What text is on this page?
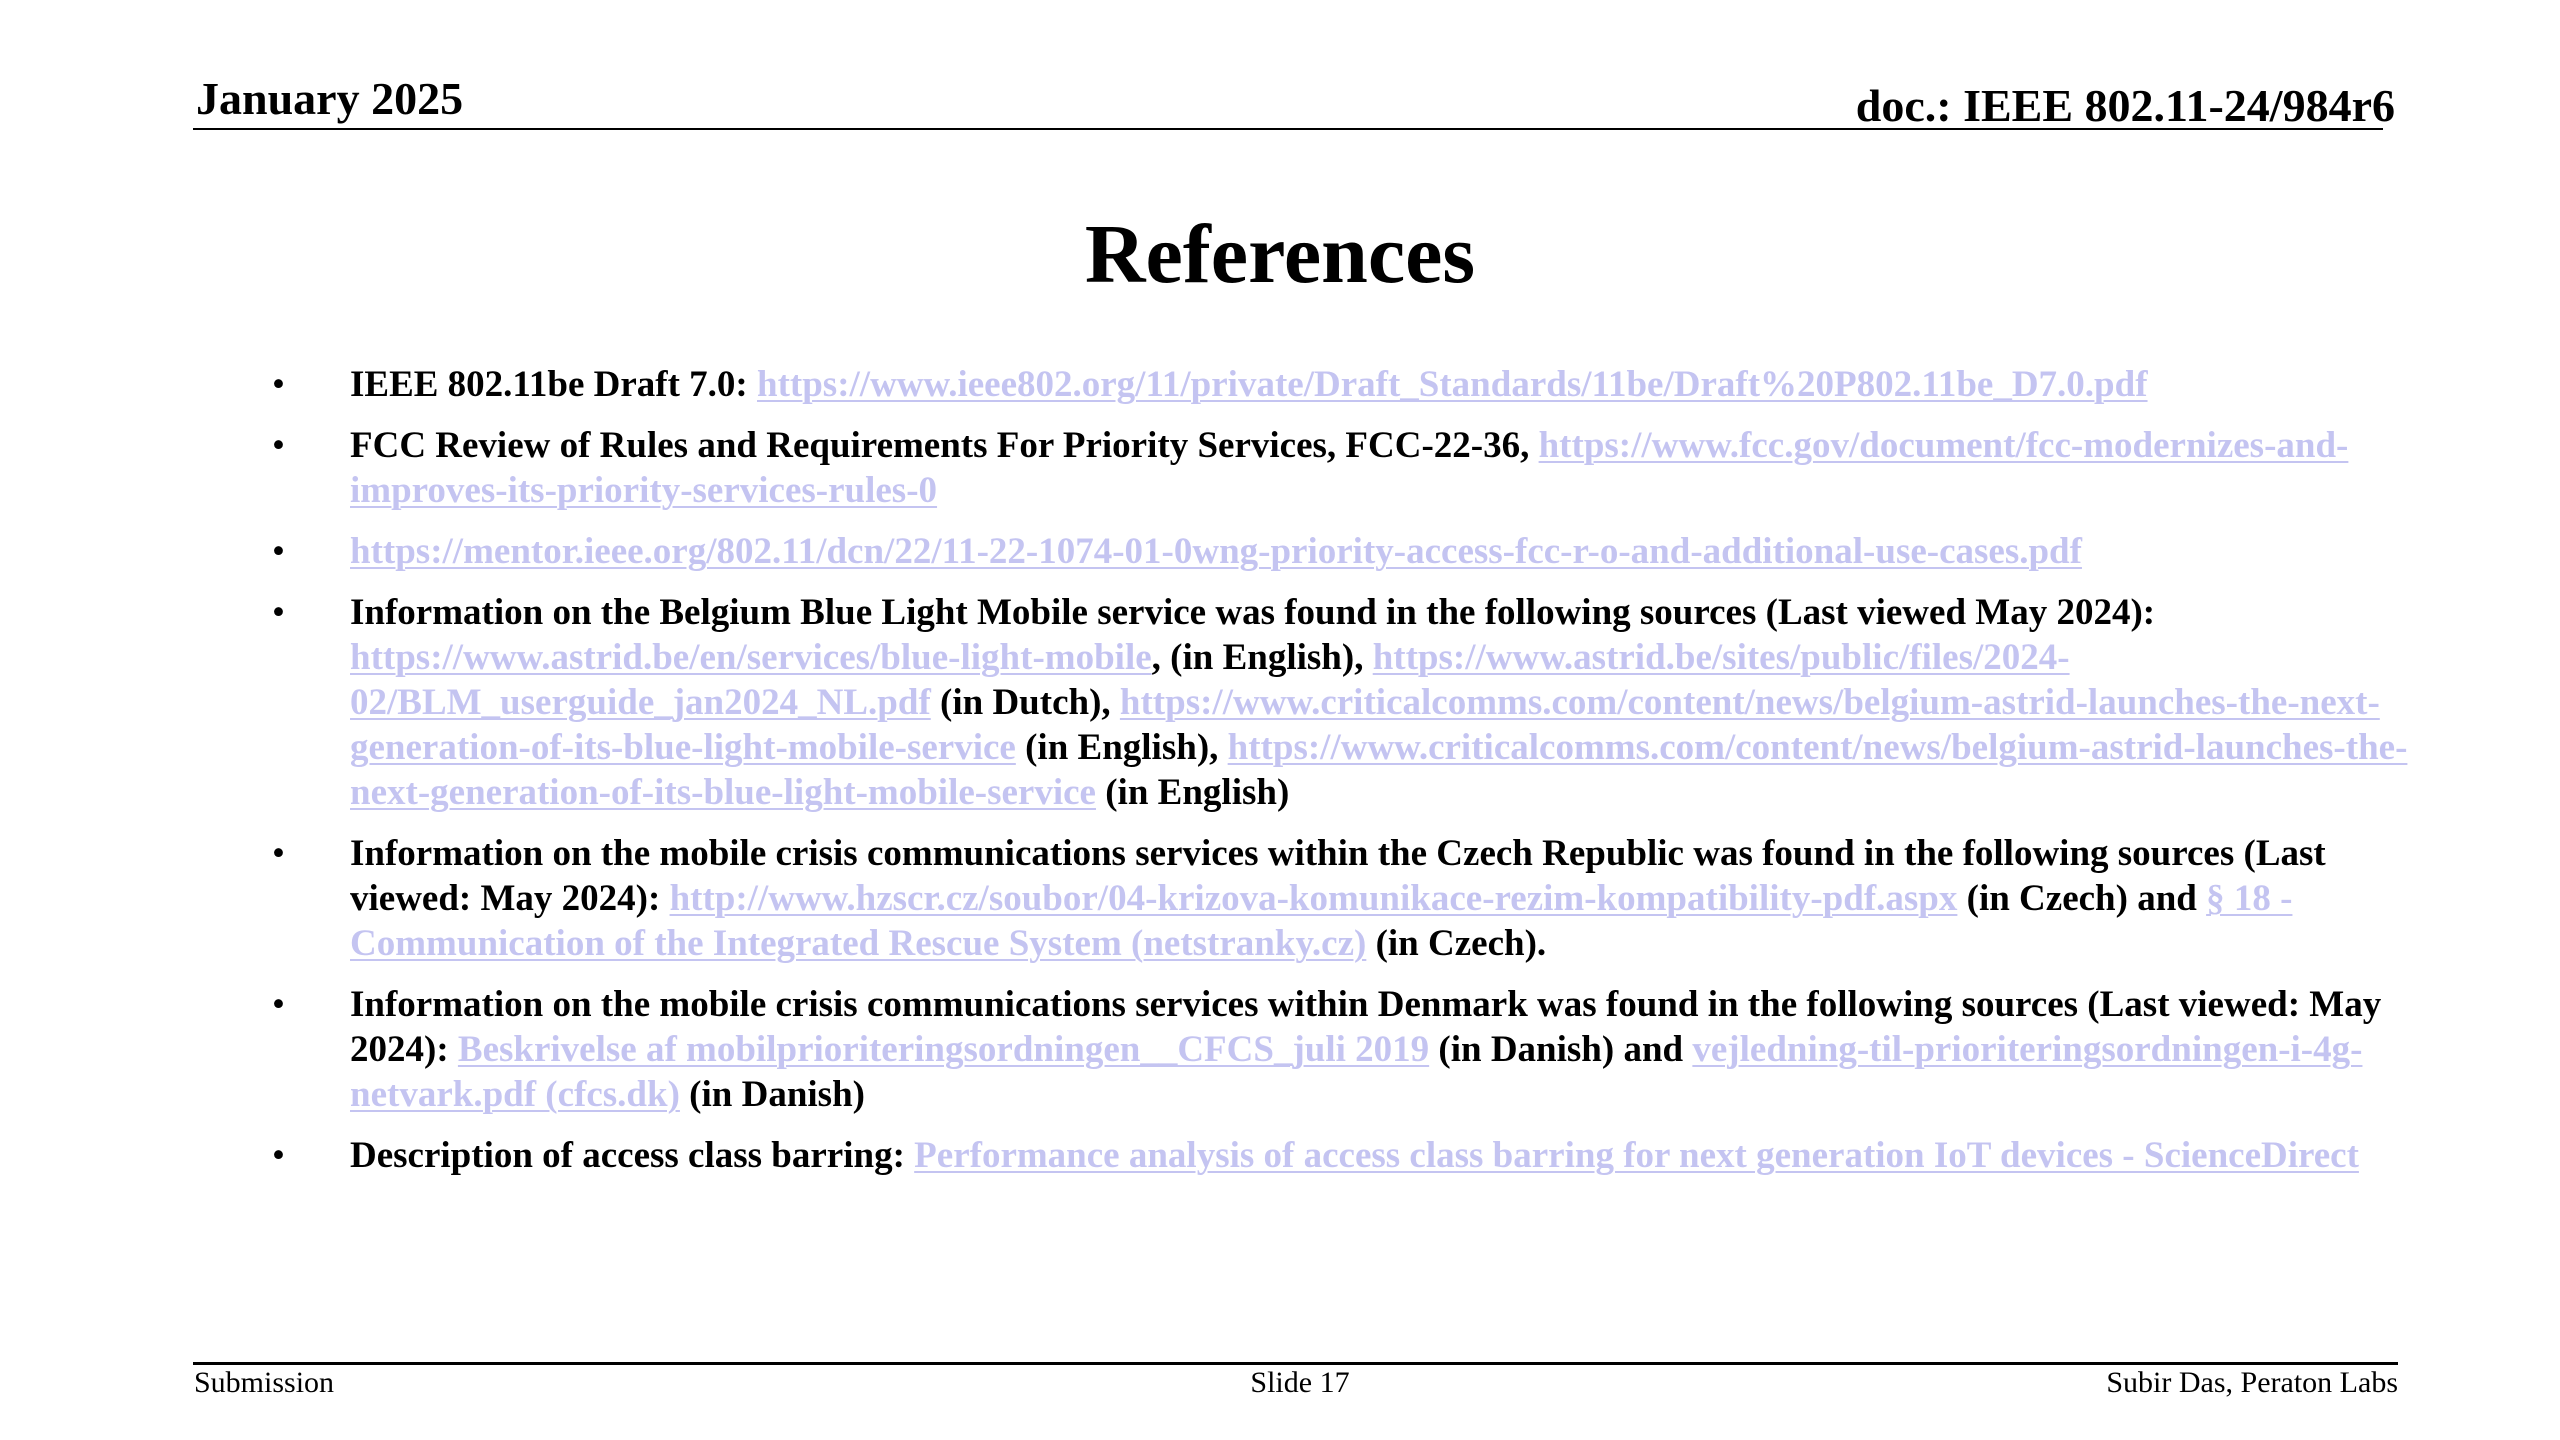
January 2025	doc.: IEEE 802.11-24/984r6
References
• IEEE 802.11be Draft 7.0: https://www.ieee802.org/11/private/Draft_Standards/11be/Draft%20P802.11be_D7.0.pdf
• FCC Review of Rules and Requirements For Priority Services, FCC-22-36, https://www.fcc.gov/document/fcc-modernizes-and-improves-its-priority-services-rules-0
• https://mentor.ieee.org/802.11/dcn/22/11-22-1074-01-0wng-priority-access-fcc-r-o-and-additional-use-cases.pdf
• Information on the Belgium Blue Light Mobile service was found in the following sources (Last viewed May 2024): https://www.astrid.be/en/services/blue-light-mobile, (in English), https://www.astrid.be/sites/public/files/2024-02/BLM_userguide_jan2024_NL.pdf (in Dutch), https://www.criticalcomms.com/content/news/belgium-astrid-launches-the-next-generation-of-its-blue-light-mobile-service (in English), https://www.criticalcomms.com/content/news/belgium-astrid-launches-the-next-generation-of-its-blue-light-mobile-service (in English)
• Information on the mobile crisis communications services within the Czech Republic was found in the following sources (Last viewed: May 2024): http://www.hzscr.cz/soubor/04-krizova-komunikace-rezim-kompatibility-pdf.aspx (in Czech) and § 18 - Communication of the Integrated Rescue System (netstranky.cz) (in Czech).
• Information on the mobile crisis communications services within Denmark was found in the following sources (Last viewed: May 2024): Beskrivelse af mobilprioriteringsordningen__CFCS_juli 2019 (in Danish) and vejledning-til-prioriteringsordningen-i-4g-netvark.pdf (cfcs.dk) (in Danish)
• Description of access class barring: Performance analysis of access class barring for next generation IoT devices - ScienceDirect
Submission	Slide 17	Subir Das, Peraton Labs
